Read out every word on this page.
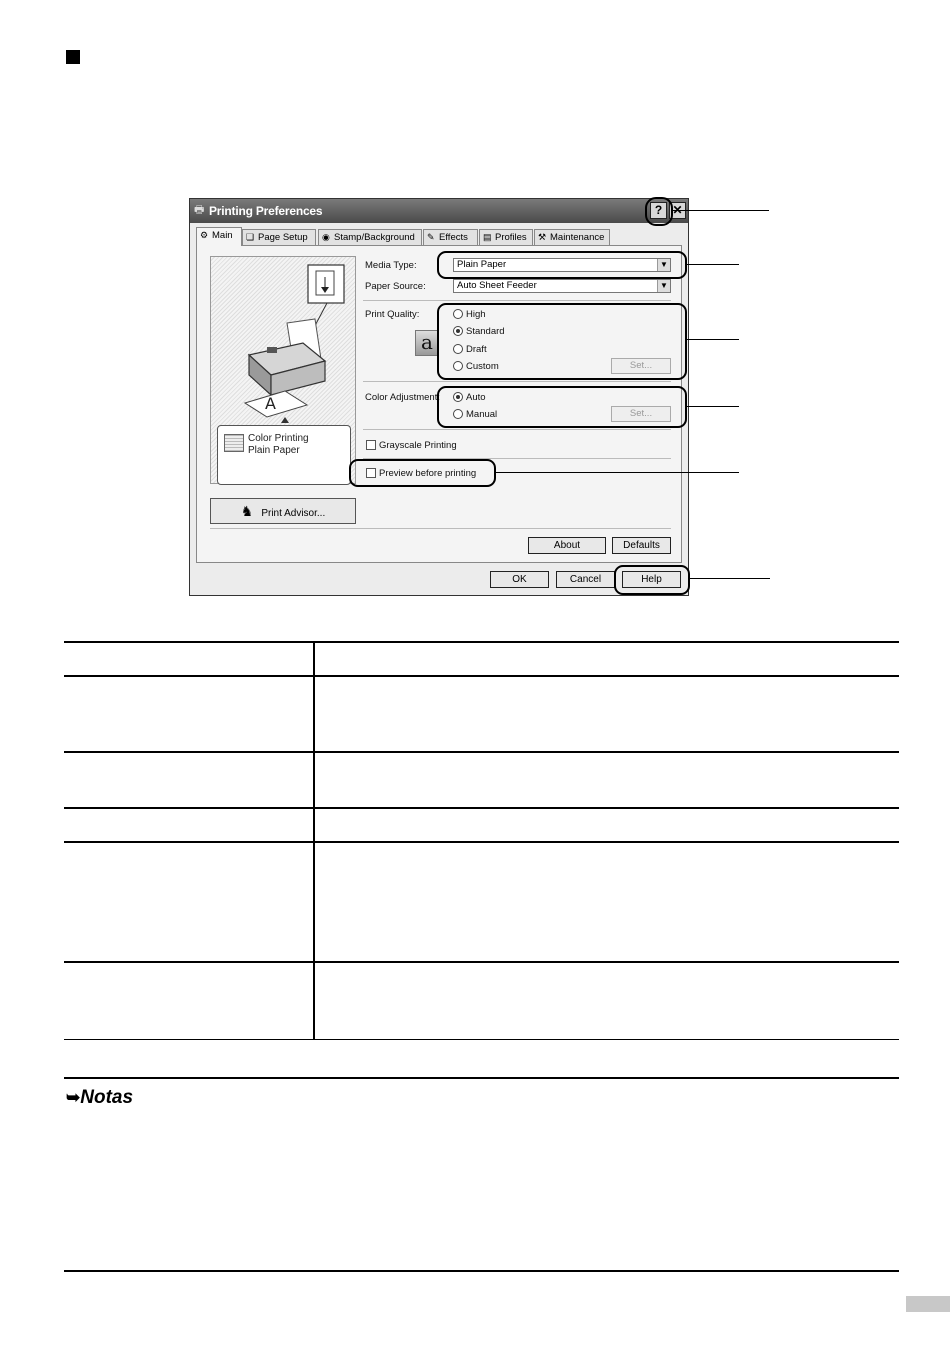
🖶 Printing Preferences	? ✕
⚙ Main	❏ Page Setup	◉ Stamp/Background	✎ Effects	▤ Profiles	⚒ Maintenance
A
Color Printing
Plain Paper
♞ Print Advisor...
Media Type:	Plain Paper	▼
Paper Source:	Auto Sheet Feeder	▼
Print Quality:
a
High
Standard
Draft
Custom	Set...
Color Adjustment:	Auto
Manual	Set...
Grayscale Printing
Preview before printing
About	Defaults
OK	Cancel	Help
➥Notas
